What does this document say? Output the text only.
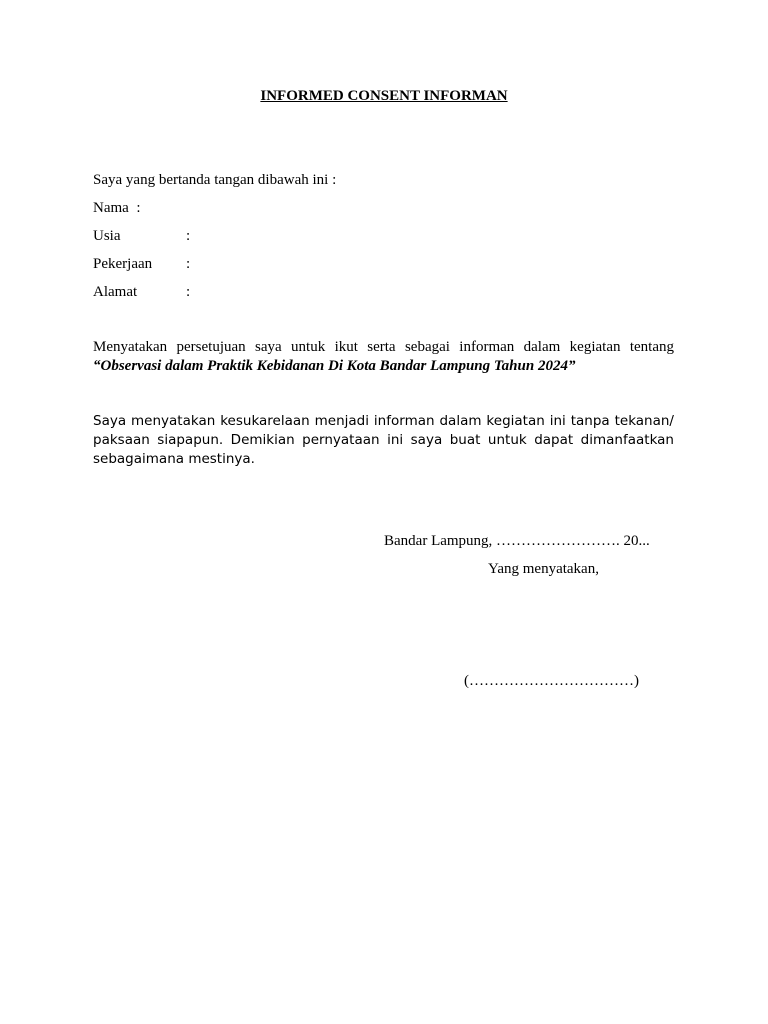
INFORMED CONSENT INFORMAN
Saya yang bertanda tangan dibawah ini :
Nama :
Usia	:
Pekerjaan :
Alamat	:
Menyatakan persetujuan saya untuk ikut serta sebagai informan dalam kegiatan tentang
“Observasi dalam Praktik Kebidanan Di Kota Bandar Lampung Tahun 2024”
Saya menyatakan kesukarelaan menjadi informan dalam kegiatan ini tanpa tekanan/ paksaan siapapun. Demikian pernyataan ini saya buat untuk dapat dimanfaatkan sebagaimana mestinya.
Bandar Lampung, ……………………. 20...
Yang menyatakan,
(……………………………)
